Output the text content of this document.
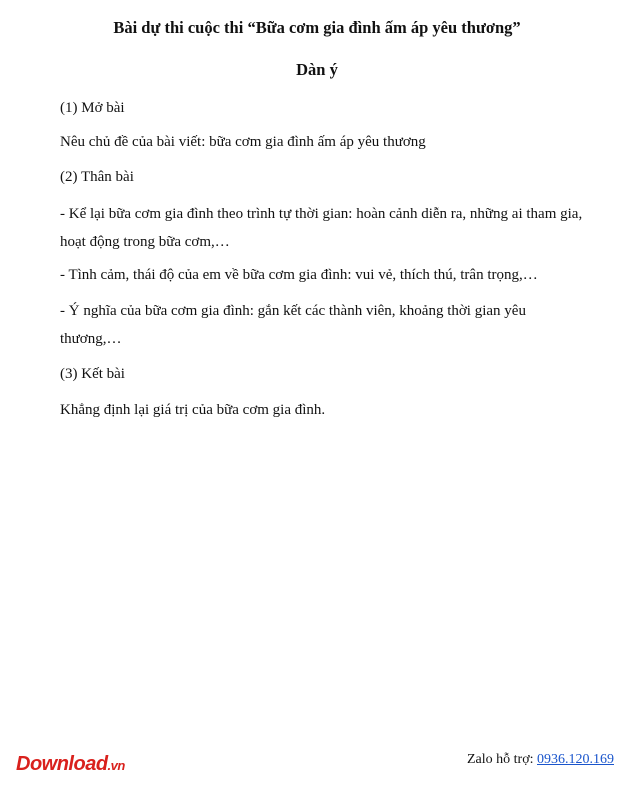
Bài dự thi cuộc thi “Bữa cơm gia đình ấm áp yêu thương”
Dàn ý
(1) Mở bài
Nêu chủ đề của bài viết: bữa cơm gia đình ấm áp yêu thương
(2) Thân bài
- Kể lại bữa cơm gia đình theo trình tự thời gian: hoàn cảnh diễn ra, những ai tham gia, hoạt động trong bữa cơm,…
- Tình cảm, thái độ của em về bữa cơm gia đình: vui vẻ, thích thú, trân trọng,…
- Ý nghĩa của bữa cơm gia đình: gắn kết các thành viên, khoảng thời gian yêu thương,…
(3) Kết bài
Khẳng định lại giá trị của bữa cơm gia đình.
Download.vn	Zalo hỗ trợ: 0936.120.169
